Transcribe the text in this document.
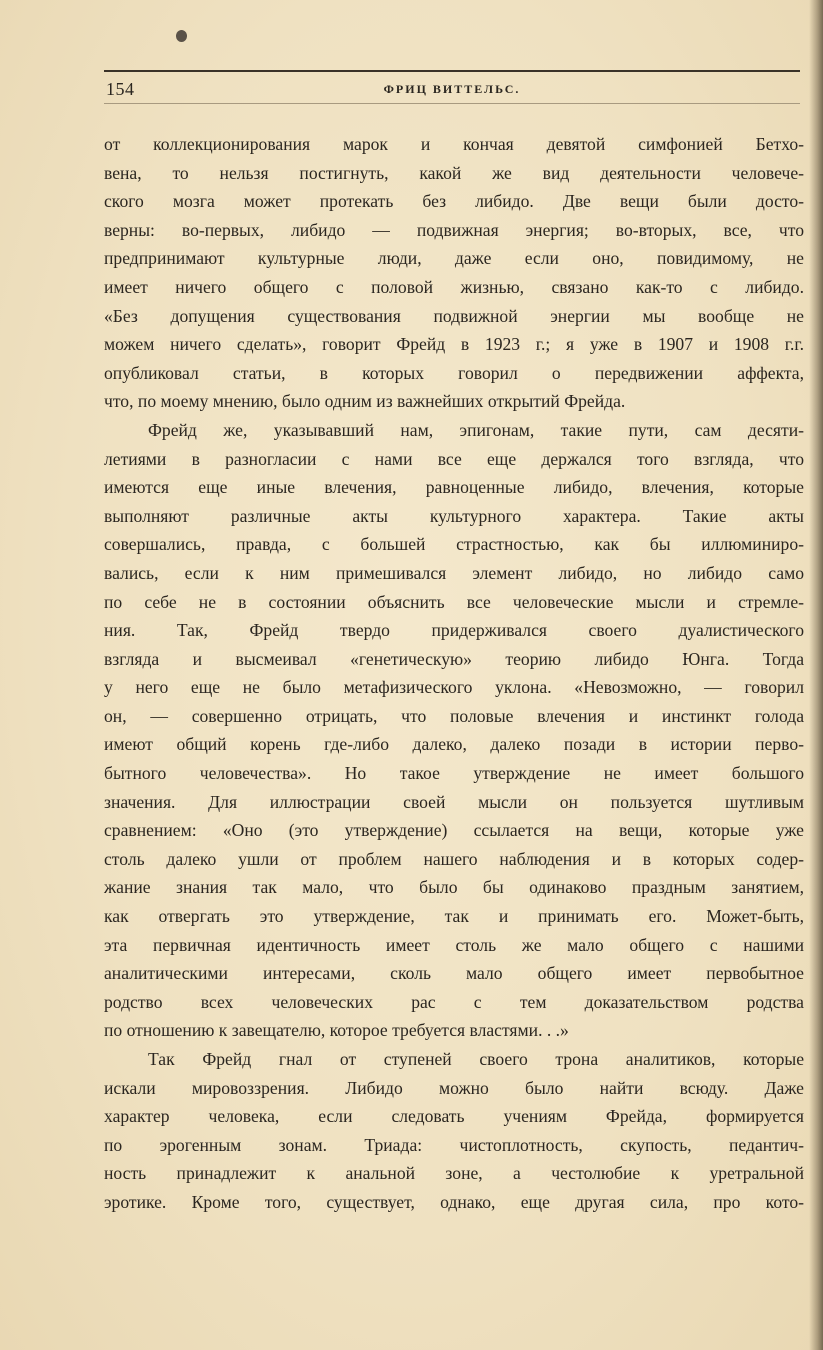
154	ФРИЦ ВИТТЕЛЬС.
от коллекционирования марок и кончая девятой симфонией Бетхо-
вена, то нельзя постигнуть, какой же вид деятельности человече-
ского мозга может протекать без либидо. Две вещи были досто-
верны: во-первых, либидо — подвижная энергия; во-вторых, все, что
предпринимают культурные люди, даже если оно, повидимому, не
имеет ничего общего с половой жизнью, связано как-то с либидо.
«Без допущения существования подвижной энергии мы вообще не
можем ничего сделать», говорит Фрейд в 1923 г.; я уже в 1907 и 1908 г.г.
опубликовал статьи, в которых говорил о передвижении аффекта,
что, по моему мнению, было одним из важнейших открытий Фрейда.
Фрейд же, указывавший нам, эпигонам, такие пути, сам десяти-
летиями в разногласии с нами все еще держался того взгляда, что
имеются еще иные влечения, равноценные либидо, влечения, которые
выполняют различные акты культурного характера. Такие акты
совершались, правда, с большей страстностью, как бы иллюминиро-
вались, если к ним примешивался элемент либидо, но либидо само
по себе не в состоянии объяснить все человеческие мысли и стремле-
ния. Так, Фрейд твердо придерживался своего дуалистического
взгляда и высмеивал «генетическую» теорию либидо Юнга. Тогда
у него еще не было метафизического уклона. «Невозможно, — говорил
он, — совершенно отрицать, что половые влечения и инстинкт голода
имеют общий корень где-либо далеко, далеко позади в истории перво-
бытного человечества». Но такое утверждение не имеет большого
значения. Для иллюстрации своей мысли он пользуется шутливым
сравнением: «Оно (это утверждение) ссылается на вещи, которые уже
столь далеко ушли от проблем нашего наблюдения и в которых содер-
жание знания так мало, что было бы одинаково праздным занятием,
как отвергать это утверждение, так и принимать его. Может-быть,
эта первичная идентичность имеет столь же мало общего с нашими
аналитическими интересами, сколь мало общего имеет первобытное
родство всех человеческих рас с тем доказательством родства
по отношению к завещателю, которое требуется властями. . .»
Так Фрейд гнал от ступеней своего трона аналитиков, которые
искали мировоззрения. Либидо можно было найти всюду. Даже
характер человека, если следовать учениям Фрейда, формируется
по эрогенным зонам. Триада: чистоплотность, скупость, педантич-
ность принадлежит к анальной зоне, а честолюбие к уретральной
эротике. Кроме того, существует, однако, еще другая сила, про кото-
